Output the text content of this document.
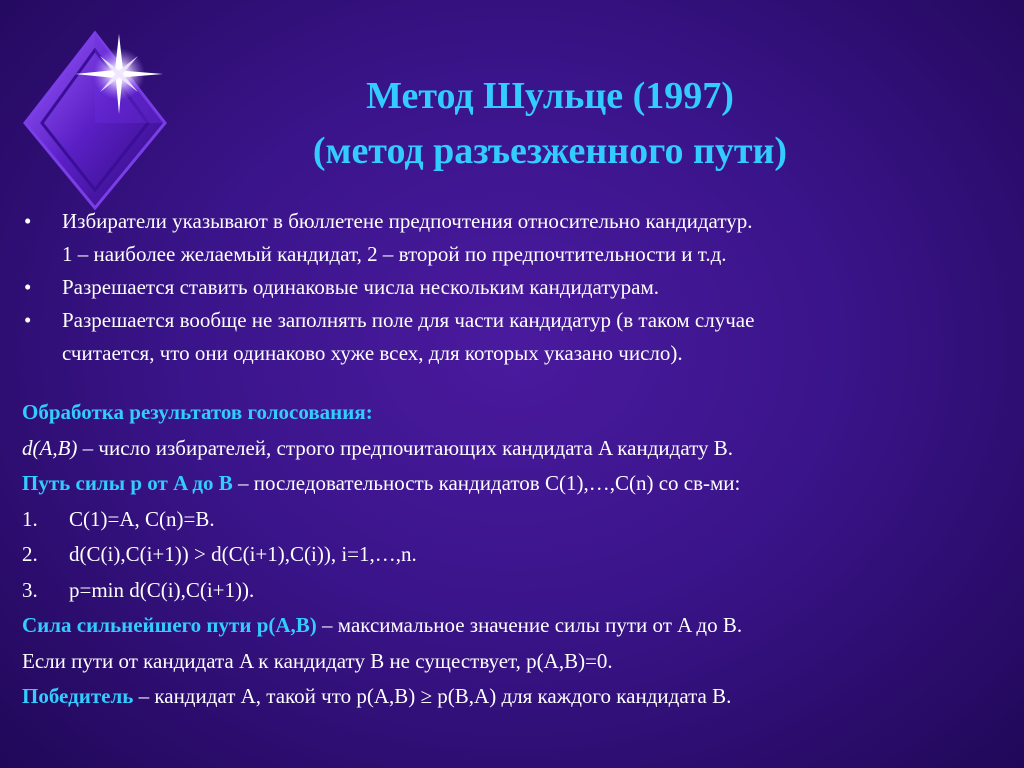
Метод Шульце (1997)
(метод разъезженного пути)
• Избиратели указывают в бюллетене предпочтения относительно кандидатур.
1 – наиболее желаемый кандидат, 2 – второй по предпочтительности и т.д.
• Разрешается ставить одинаковые числа нескольким кандидатурам.
• Разрешается вообще не заполнять поле для части кандидатур (в таком случае
считается, что они одинаково хуже всех, для которых указано число).
Обработка результатов голосования:
d(A,B) – число избирателей, строго предпочитающих кандидата A кандидату B.
Путь силы p от A до B – последовательность кандидатов C(1),…,C(n) со св-ми:
1. C(1)=A, C(n)=B.
2. d(C(i),C(i+1)) > d(C(i+1),C(i)), i=1,…,n.
3. p=min d(C(i),C(i+1)).
Сила сильнейшего пути p(A,B) – максимальное значение силы пути от A до B.
Если пути от кандидата A к кандидату B не существует, p(A,B)=0.
Победитель – кандидат А, такой что p(A,B) ≥ p(B,A) для каждого кандидата B.
